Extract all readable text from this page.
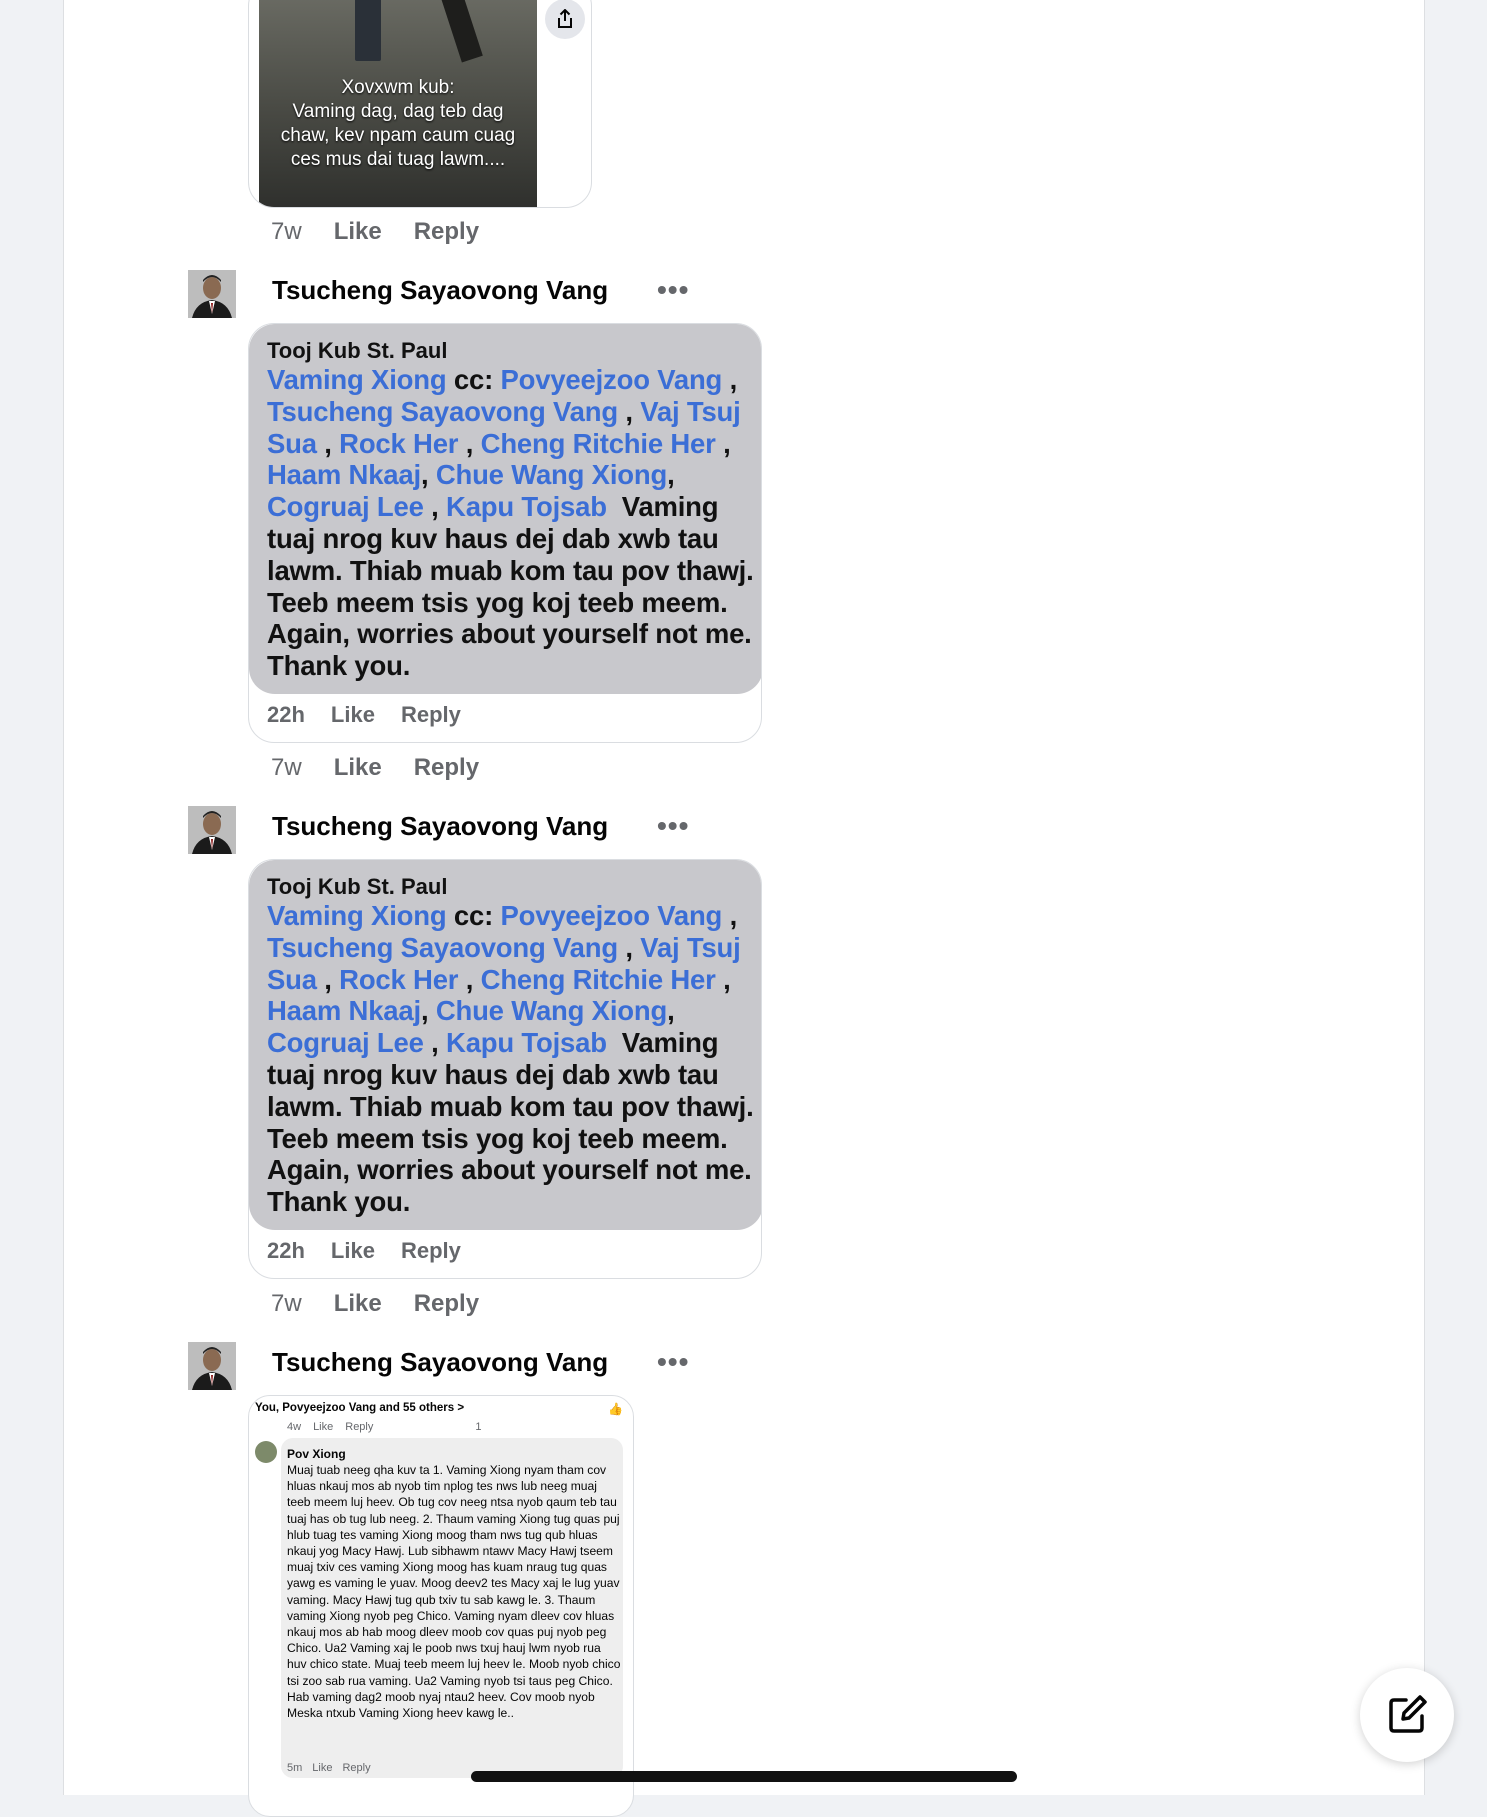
Xovxwm kub:
Vaming dag, dag teb dag
chaw, kev npam caum cuag
ces mus dai tuag lawm....
7w Like Reply
Tsucheng Sayaovong Vang •••
Tooj Kub St. Paul
Vaming Xiong cc: Povyeejzoo Vang , Tsucheng Sayaovong Vang , Vaj Tsuj Sua , Rock Her , Cheng Ritchie Her , Haam Nkaaj, Chue Wang Xiong, Cogruaj Lee , Kapu Tojsab Vaming tuaj nrog kuv haus dej dab xwb tau lawm. Thiab muab kom tau pov thawj. Teeb meem tsis yog koj teeb meem. Again, worries about yourself not me. Thank you.
22h Like Reply
7w Like Reply
Tsucheng Sayaovong Vang •••
Tooj Kub St. Paul
Vaming Xiong cc: Povyeejzoo Vang , Tsucheng Sayaovong Vang , Vaj Tsuj Sua , Rock Her , Cheng Ritchie Her , Haam Nkaaj, Chue Wang Xiong, Cogruaj Lee , Kapu Tojsab Vaming tuaj nrog kuv haus dej dab xwb tau lawm. Thiab muab kom tau pov thawj. Teeb meem tsis yog koj teeb meem. Again, worries about yourself not me. Thank you.
22h Like Reply
7w Like Reply
Tsucheng Sayaovong Vang •••
You, Povyeejzoo Vang and 55 others >	👍
4w Like Reply	1
Pov Xiong
Muaj tuab neeg qha kuv ta 1. Vaming Xiong nyam tham cov hluas nkauj mos ab nyob tim nplog tes nws lub neeg muaj teeb meem luj heev. Ob tug cov neeg ntsa nyob qaum teb tau tuaj has ob tug lub neeg. 2. Thaum vaming Xiong tug quas puj hlub tuag tes vaming Xiong moog tham nws tug qub hluas nkauj yog Macy Hawj. Lub sibhawm ntawv Macy Hawj tseem muaj txiv ces vaming Xiong moog has kuam nraug tug quas yawg es vaming le yuav. Moog deev2 tes Macy xaj le lug yuav vaming. Macy Hawj tug qub txiv tu sab kawg le. 3. Thaum vaming Xiong nyob peg Chico. Vaming nyam dleev cov hluas nkauj mos ab hab moog dleev moob cov quas puj nyob peg Chico. Ua2 Vaming xaj le poob nws txuj hauj lwm nyob rua huv chico state. Muaj teeb meem luj heev le. Moob nyob chico tsi zoo sab rua vaming. Ua2 Vaming nyob tsi taus peg Chico. Hab vaming dag2 moob nyaj ntau2 heev. Cov moob nyob Meska ntxub Vaming Xiong heev kawg le..
5m Like Reply
